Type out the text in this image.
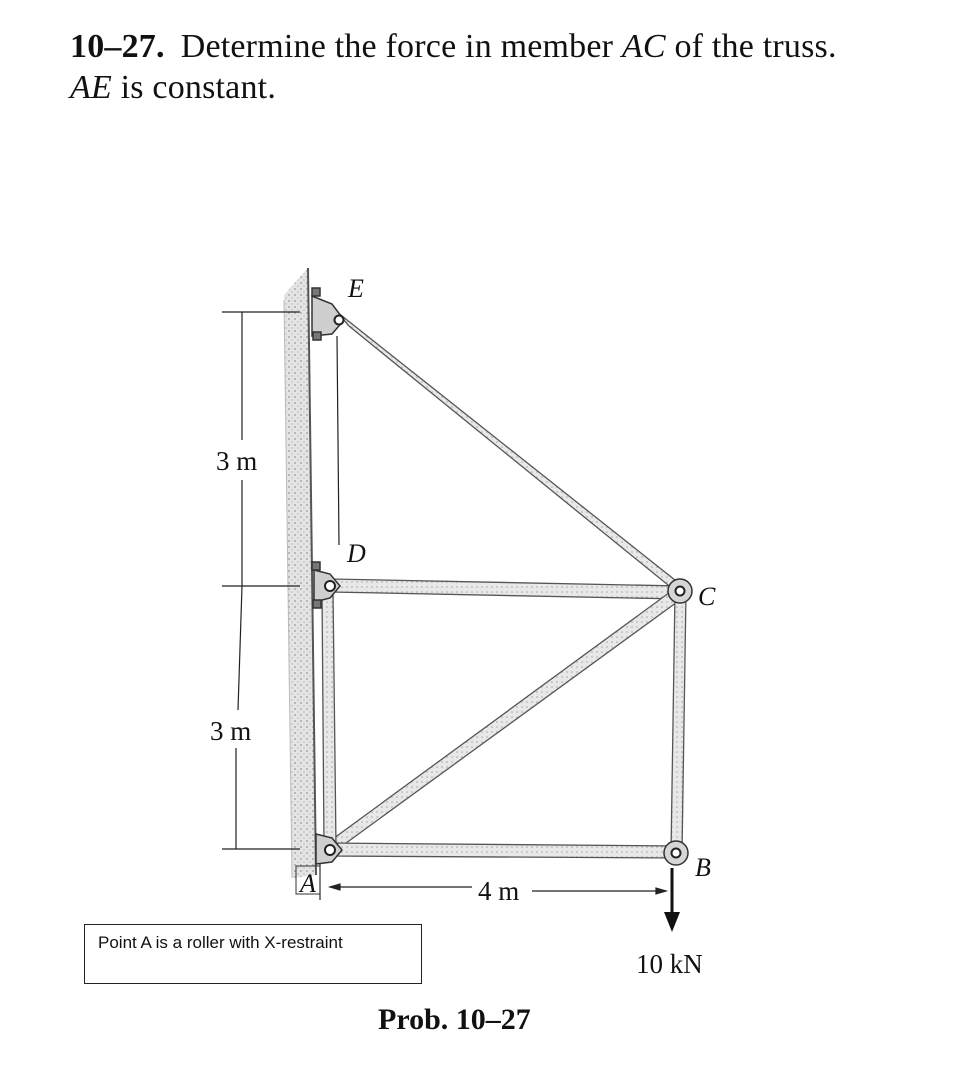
10–27. Determine the force in member AC of the truss.
AE is constant.
E
D
C
B
A
3 m
3 m
4 m
10 kN
Point A is a roller with X-restraint
Prob. 10–27
